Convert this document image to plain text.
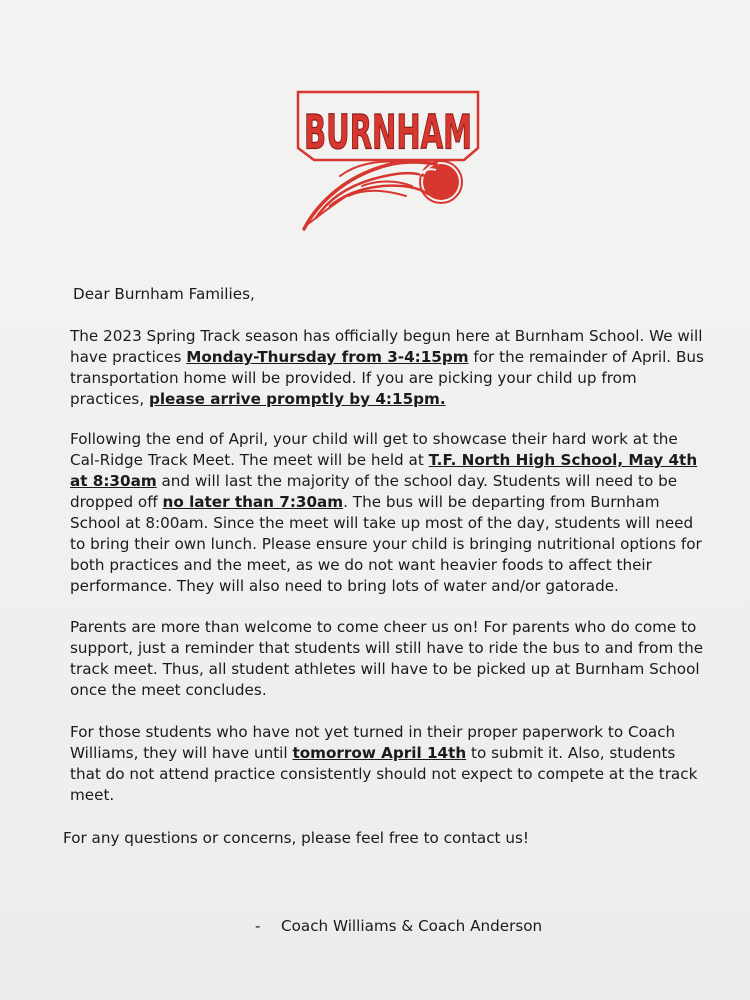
BURNHAM

Dear Burnham Families,

The 2023 Spring Track season has officially begun here at Burnham School. We will have practices Monday-Thursday from 3-4:15pm for the remainder of April. Bus transportation home will be provided. If you are picking your child up from practices, please arrive promptly by 4:15pm.

Following the end of April, your child will get to showcase their hard work at the Cal-Ridge Track Meet. The meet will be held at T.F. North High School, May 4th at 8:30am and will last the majority of the school day. Students will need to be dropped off no later than 7:30am. The bus will be departing from Burnham School at 8:00am. Since the meet will take up most of the day, students will need to bring their own lunch. Please ensure your child is bringing nutritional options for both practices and the meet, as we do not want heavier foods to affect their performance. They will also need to bring lots of water and/or gatorade.

Parents are more than welcome to come cheer us on! For parents who do come to support, just a reminder that students will still have to ride the bus to and from the track meet. Thus, all student athletes will have to be picked up at Burnham School once the meet concludes.

For those students who have not yet turned in their proper paperwork to Coach Williams, they will have until tomorrow April 14th to submit it. Also, students that do not attend practice consistently should not expect to compete at the track meet.

For any questions or concerns, please feel free to contact us!

- Coach Williams & Coach Anderson
